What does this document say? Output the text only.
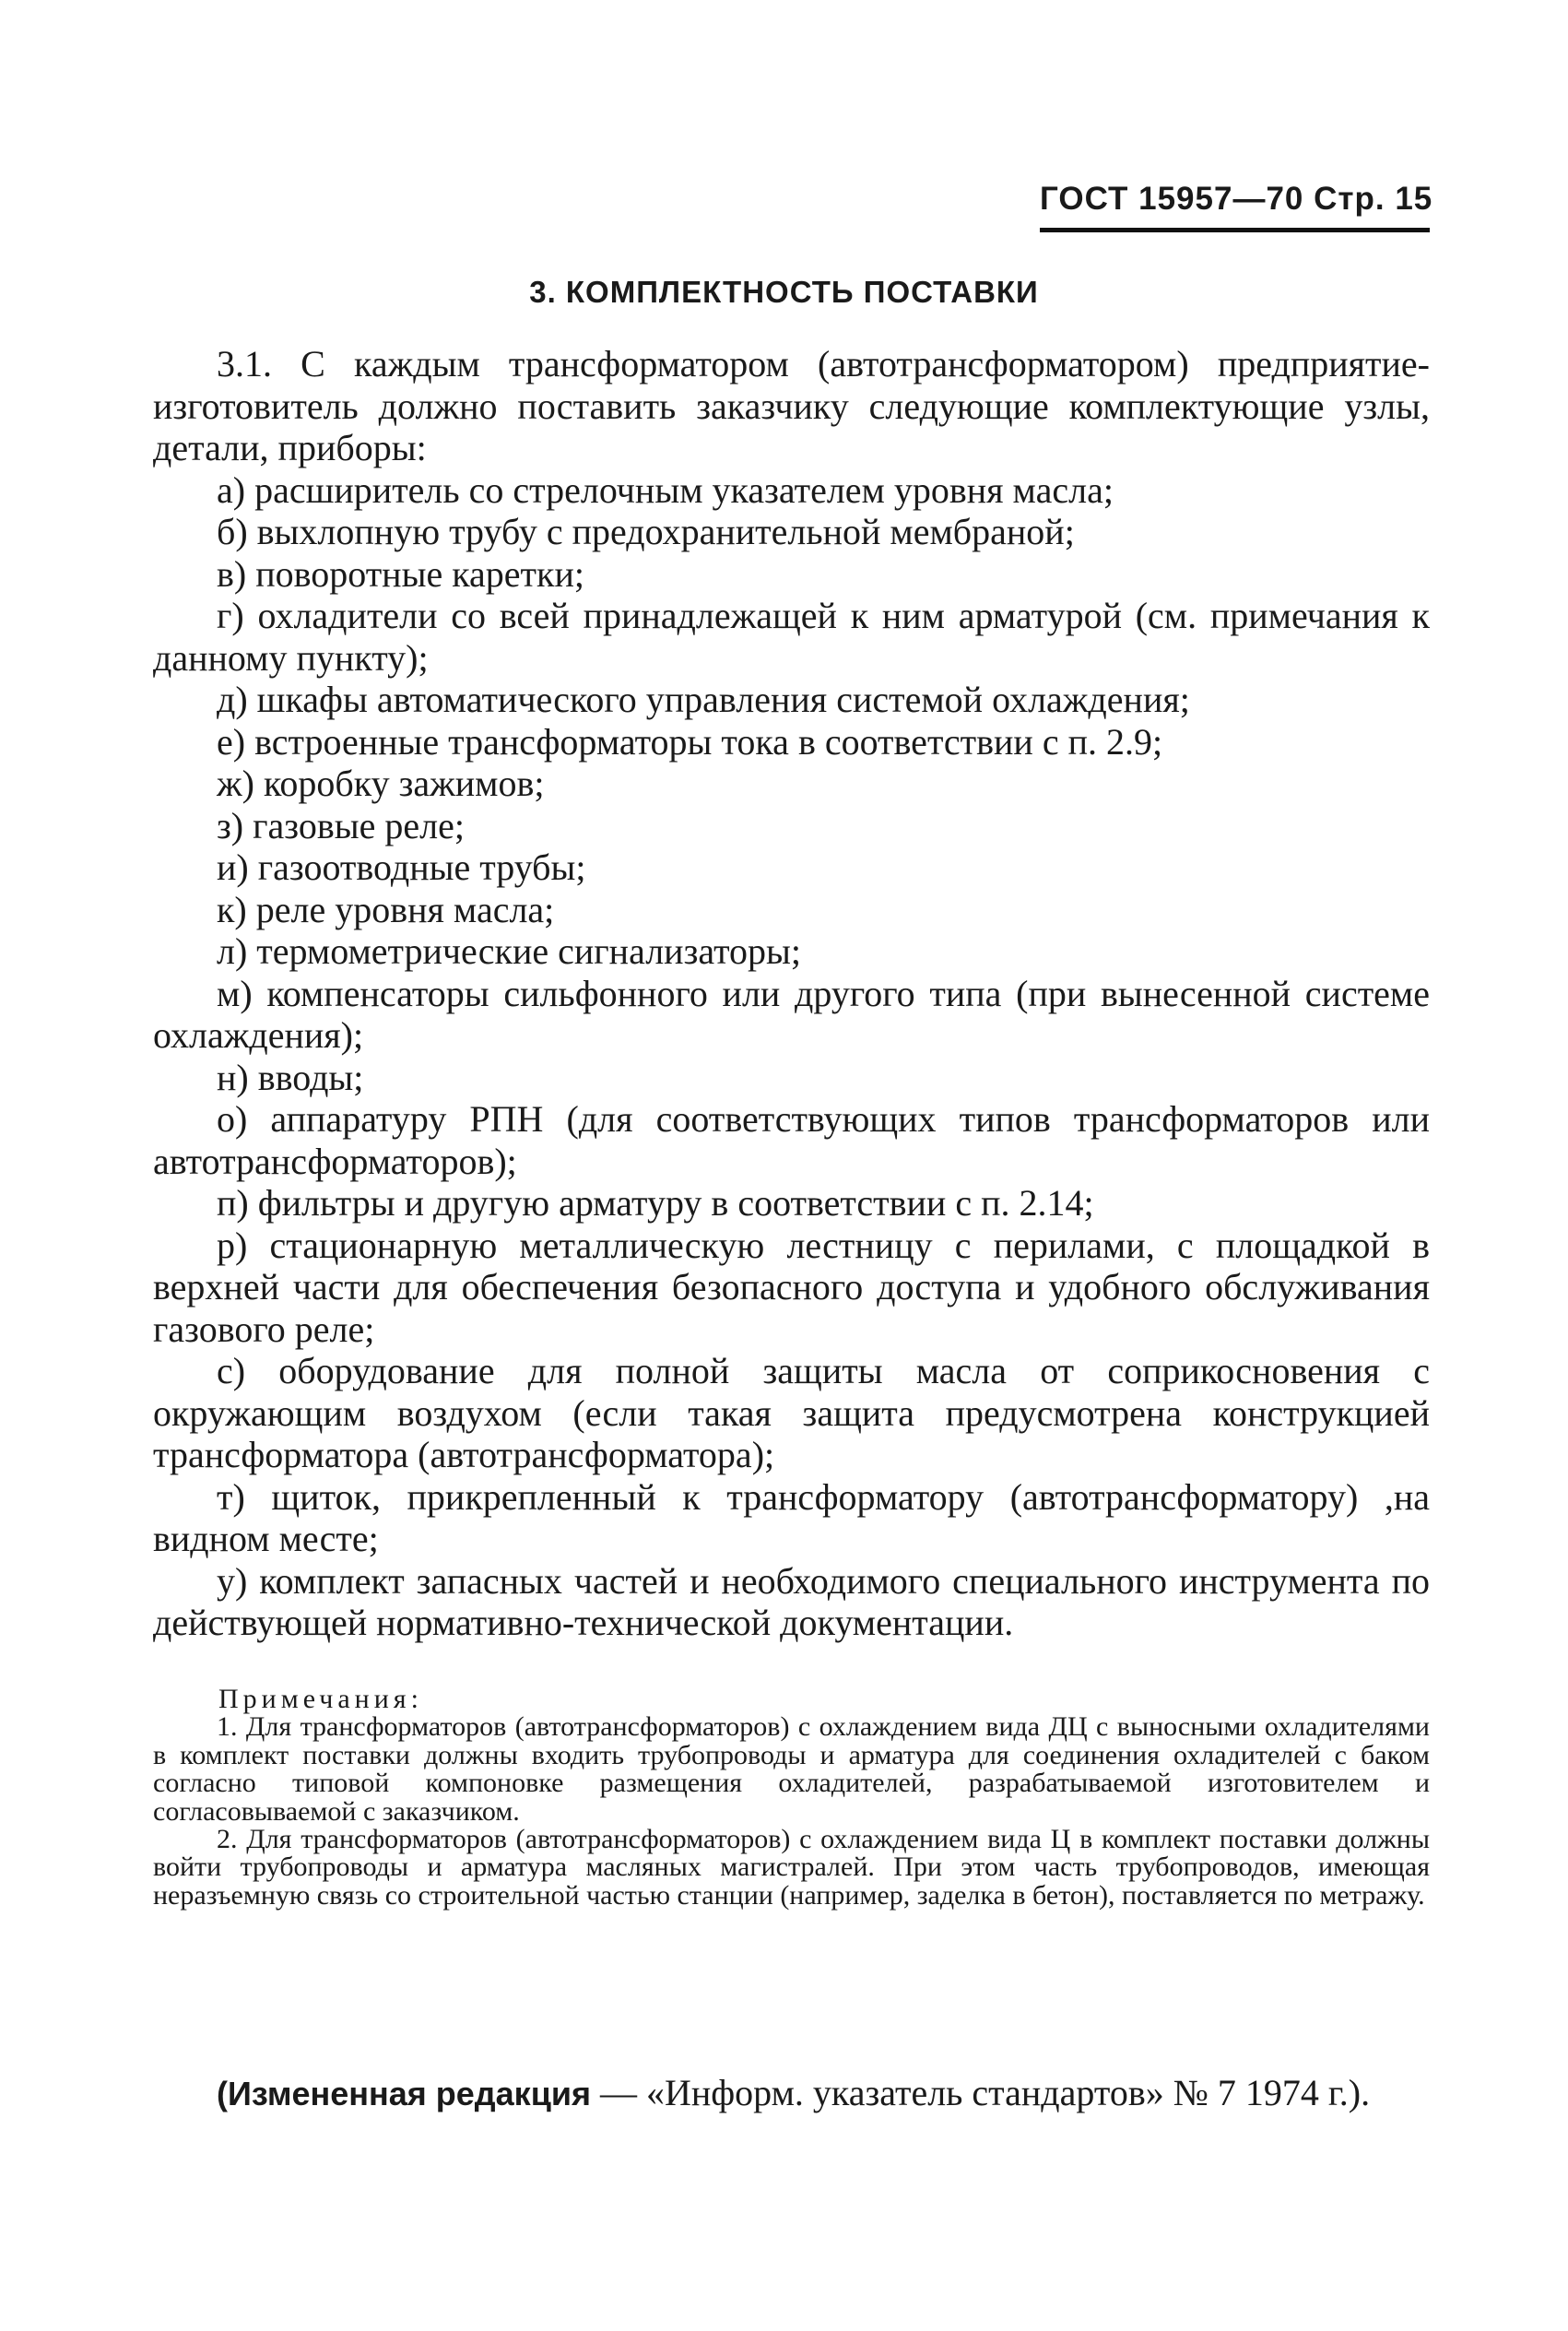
ГОСТ 15957—70 Стр. 15
3. КОМПЛЕКТНОСТЬ ПОСТАВКИ

3.1. С каждым трансформатором (автотрансформатором) предприятие-изготовитель должно поставить заказчику следующие комплектующие узлы, детали, приборы:

а) расширитель со стрелочным указателем уровня масла;

б) выхлопную трубу с предохранительной мембраной;

в) поворотные каретки;

г) охладители со всей принадлежащей к ним арматурой (см. примечания к данному пункту);

д) шкафы автоматического управления системой охлаждения;

е) встроенные трансформаторы тока в соответствии с п. 2.9;

ж) коробку зажимов;

з) газовые реле;

и) газоотводные трубы;

к) реле уровня масла;

л) термометрические сигнализаторы;

м) компенсаторы сильфонного или другого типа (при вынесенной системе охлаждения);

н) вводы;

о) аппаратуру РПН (для соответствующих типов трансформаторов или автотрансформаторов);

п) фильтры и другую арматуру в соответствии с п. 2.14;

р) стационарную металлическую лестницу с перилами, с площадкой в верхней части для обеспечения безопасного доступа и удобного обслуживания газового реле;

с) оборудование для полной защиты масла от соприкосновения с окружающим воздухом (если такая защита предусмотрена конструкцией трансформатора (автотрансформатора);

т) щиток, прикрепленный к трансформатору (автотрансформатору) ,на видном месте;

у) комплект запасных частей и необходимого специального инструмента по действующей нормативно-технической документации.

Примечания:

1. Для трансформаторов (автотрансформаторов) с охлаждением вида ДЦ с выносными охладителями в комплект поставки должны входить трубопроводы и арматура для соединения охладителей с баком согласно типовой компоновке размещения охладителей, разрабатываемой изготовителем и согласовываемой с заказчиком.

2. Для трансформаторов (автотрансформаторов) с охлаждением вида Ц в комплект поставки должны войти трубопроводы и арматура масляных магистралей. При этом часть трубопроводов, имеющая неразъемную связь со строительной частью станции (например, заделка в бетон), поставляется по метражу.

(Измененная редакция — «Информ. указатель стандартов» № 7 1974 г.).
